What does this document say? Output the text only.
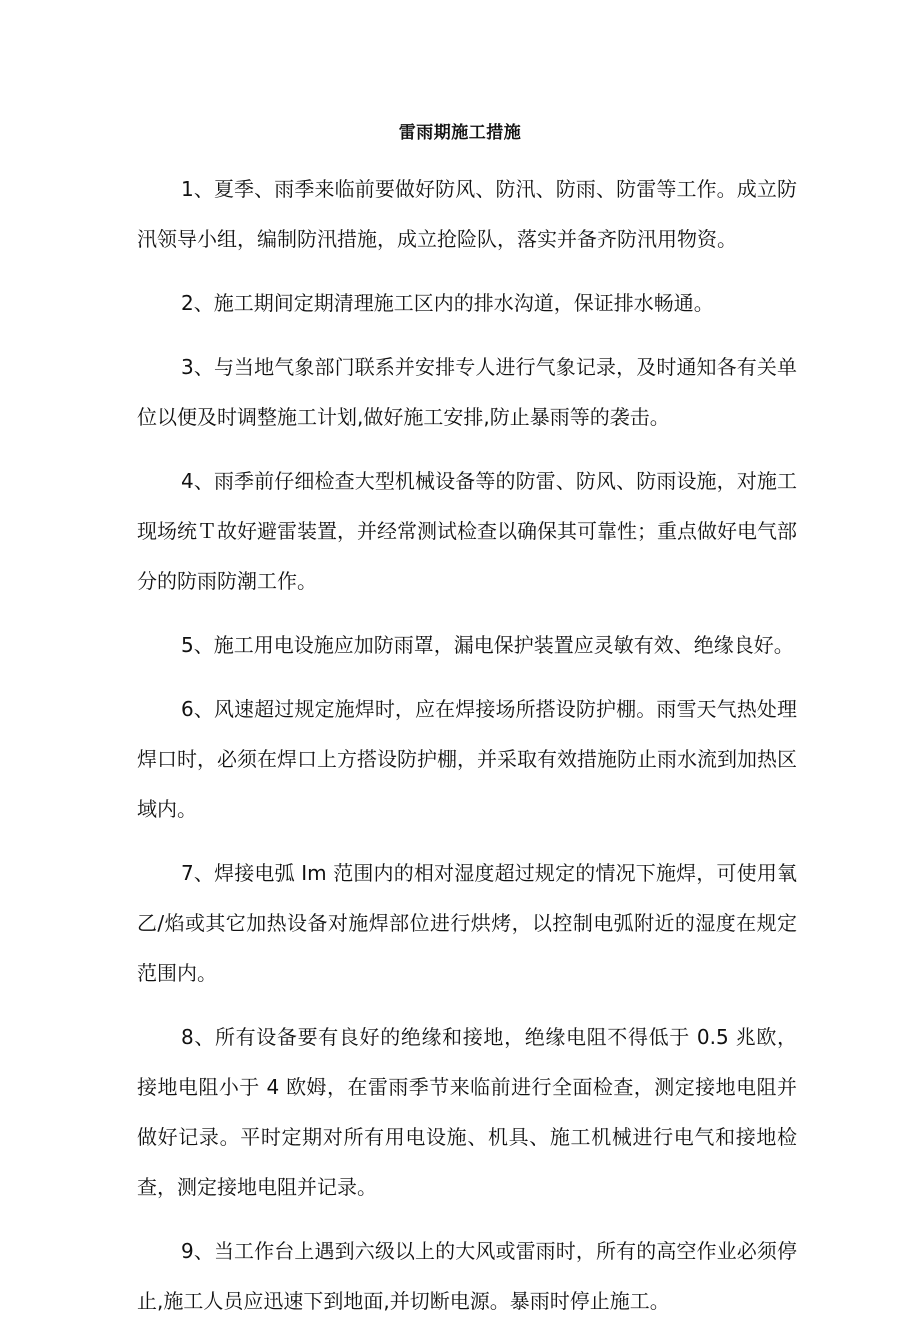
雷雨期施工措施

1、夏季、雨季来临前要做好防风、防汛、防雨、防雷等工作。成立防汛领导小组，编制防汛措施，成立抢险队，落实并备齐防汛用物资。

2、施工期间定期清理施工区内的排水沟道，保证排水畅通。

3、与当地气象部门联系并安排专人进行气象记录，及时通知各有关单位以便及时调整施工计划,做好施工安排,防止暴雨等的袭击。

4、雨季前仔细检查大型机械设备等的防雷、防风、防雨设施，对施工现场统Ｔ故好避雷装置，并经常测试检查以确保其可靠性；重点做好电气部分的防雨防潮工作。

5、施工用电设施应加防雨罩，漏电保护装置应灵敏有效、绝缘良好。

6、风速超过规定施焊时，应在焊接场所搭设防护棚。雨雪天气热处理焊口时，必须在焊口上方搭设防护棚，并采取有效措施防止雨水流到加热区域内。

7、焊接电弧 Im 范围内的相对湿度超过规定的情况下施焊，可使用氧乙/焰或其它加热设备对施焊部位进行烘烤，以控制电弧附近的湿度在规定范围内。

8、所有设备要有良好的绝缘和接地，绝缘电阻不得低于 0.5 兆欧，接地电阻小于 4 欧姆，在雷雨季节来临前进行全面检查，测定接地电阻并做好记录。平时定期对所有用电设施、机具、施工机械进行电气和接地检查，测定接地电阻并记录。

9、当工作台上遇到六级以上的大风或雷雨时，所有的高空作业必须停止,施工人员应迅速下到地面,并切断电源。暴雨时停止施工。
